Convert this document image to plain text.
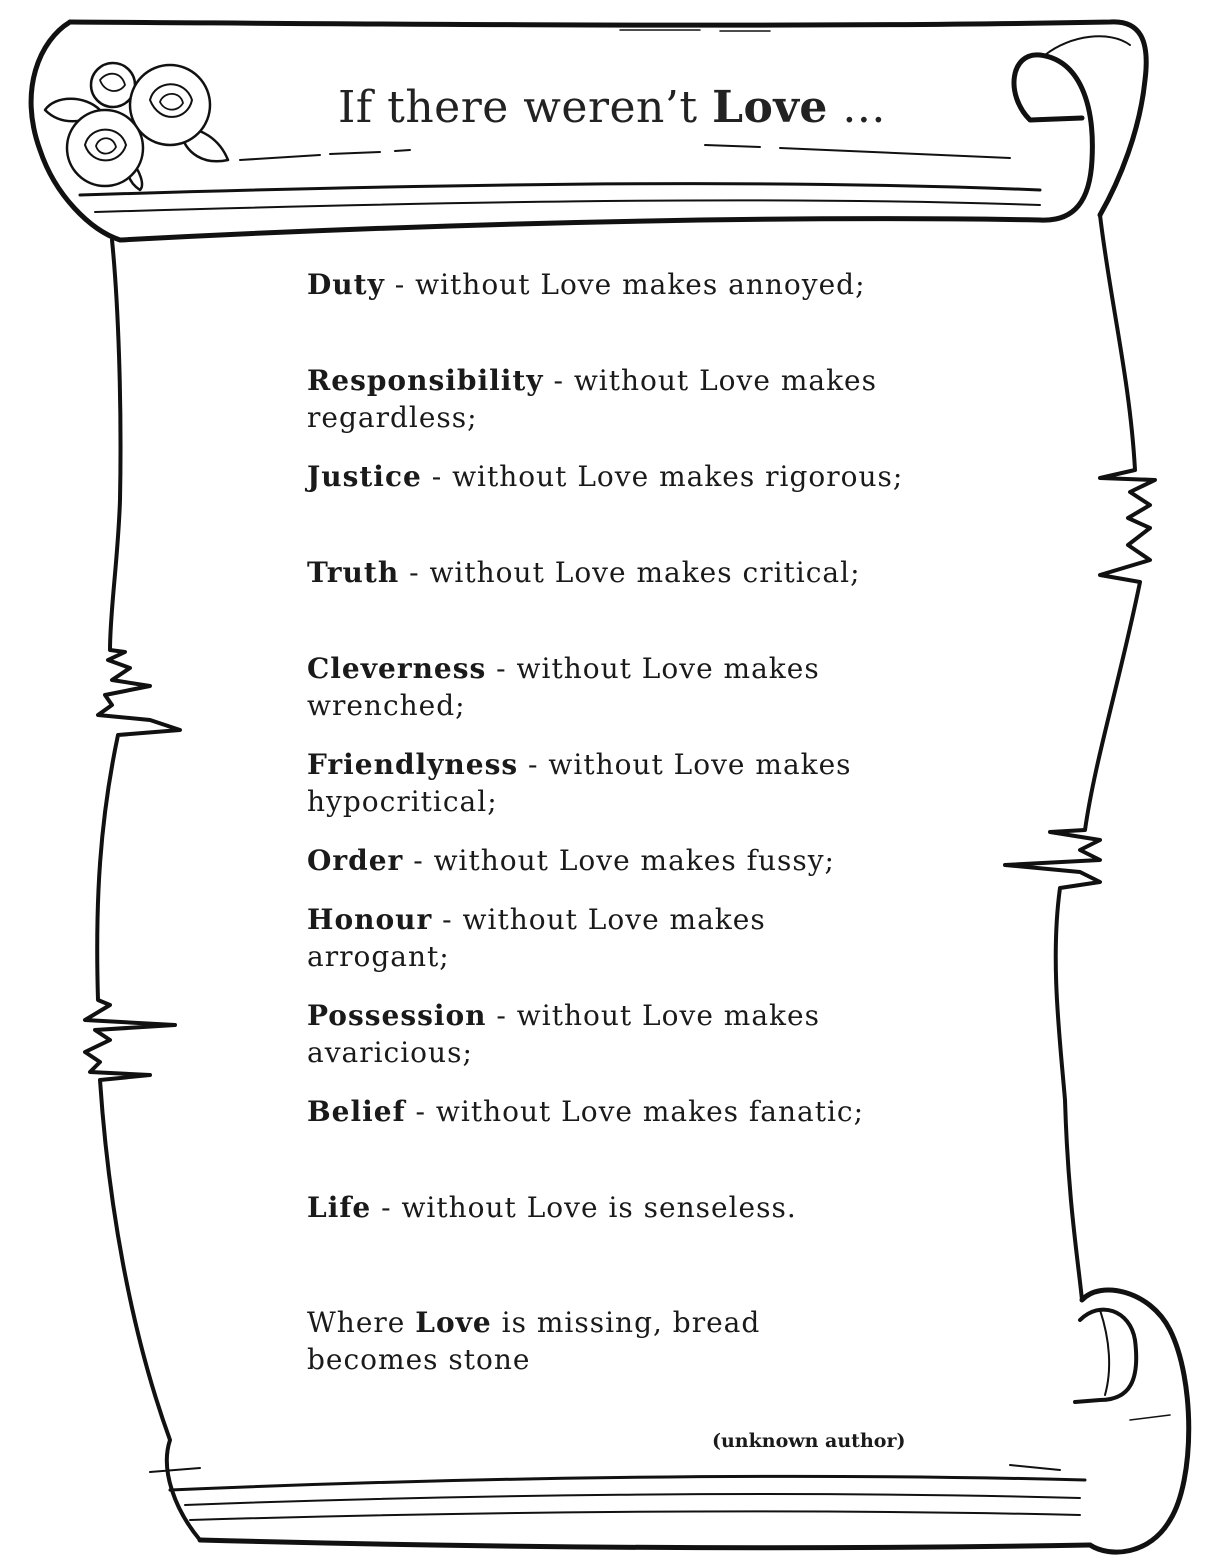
If there weren’t Love ...
Duty - without Love makes annoyed;
Responsibility - without Love makes regardless;
Justice - without Love makes rigorous;
Truth - without Love makes critical;
Cleverness - without Love makes wrenched;
Friendlyness - without Love makes hypocritical;
Order - without Love makes fussy;
Honour - without Love makes arrogant;
Possession - without Love makes avaricious;
Belief - without Love makes fanatic;
Life - without Love is senseless.
Where Love is missing, bread becomes stone
(unknown author)
